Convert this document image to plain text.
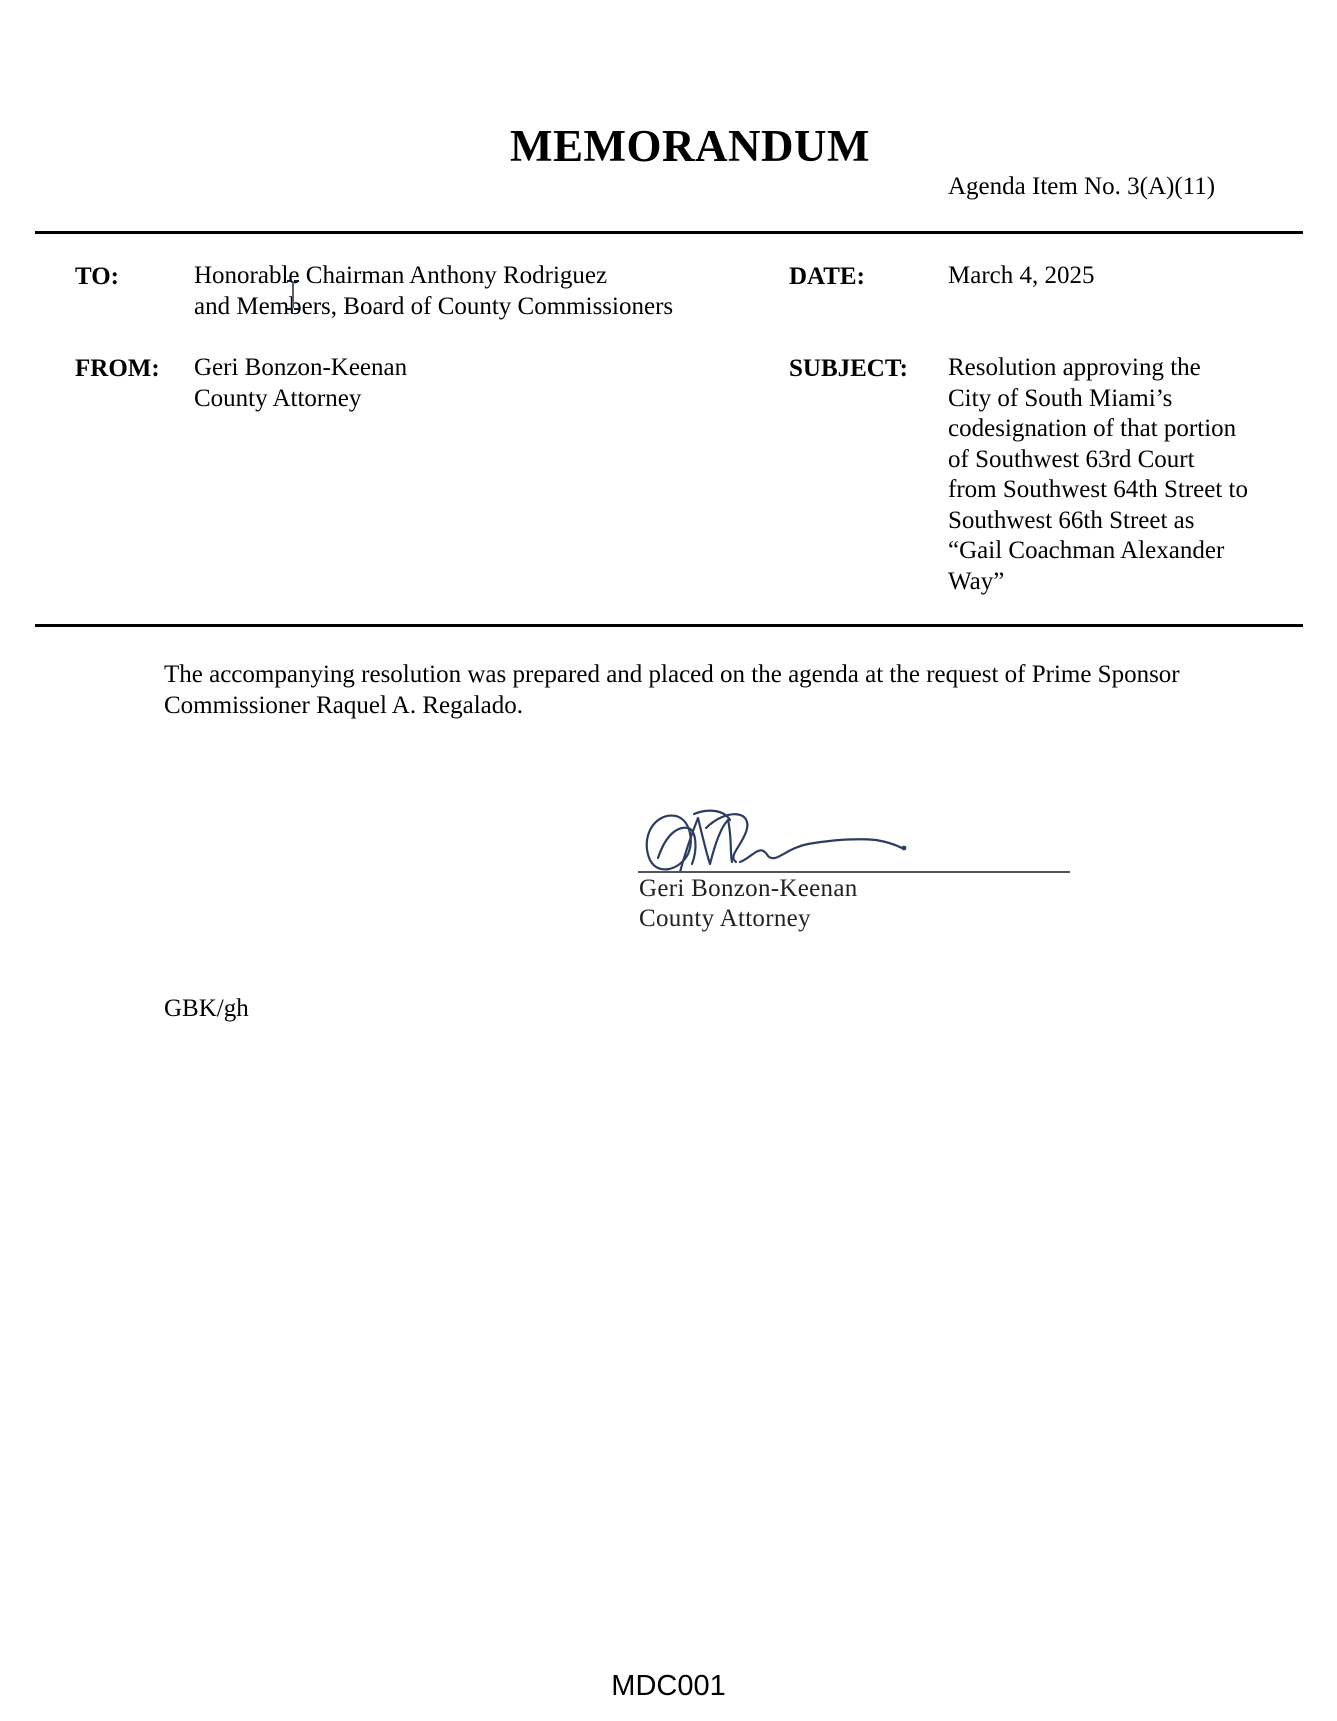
MEMORANDUM
Agenda Item No. 3(A)(11)
TO:	Honorable Chairman Anthony Rodriguez
and Members, Board of County Commissioners
DATE:	March 4, 2025
FROM: Geri Bonzon-Keenan
County Attorney
SUBJECT: Resolution approving the
City of South Miami’s
codesignation of that portion
of Southwest 63rd Court
from Southwest 64th Street to
Southwest 66th Street as
“Gail Coachman Alexander
Way”
The accompanying resolution was prepared and placed on the agenda at the request of Prime Sponsor
Commissioner Raquel A. Regalado.
Geri Bonzon-Keenan
County Attorney
GBK/gh
MDC001
